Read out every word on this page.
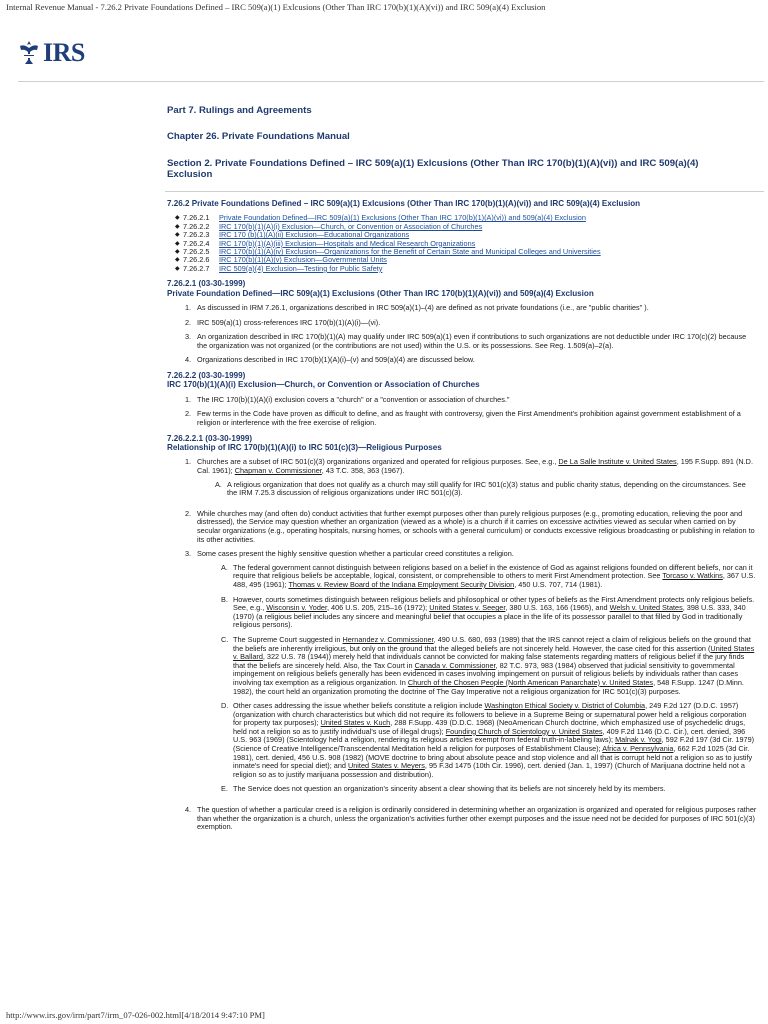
Internal Revenue Manual - 7.26.2 Private Foundations Defined – IRC 509(a)(1) Exlcusions (Other Than IRC 170(b)(1)(A)(vi)) and IRC 509(a)(4) Exclusion
IRS
Part 7. Rulings and Agreements
Chapter 26. Private Foundations Manual
Section 2. Private Foundations Defined – IRC 509(a)(1) Exlcusions (Other Than IRC 170(b)(1)(A)(vi)) and IRC 509(a)(4) Exclusion
7.26.2 Private Foundations Defined – IRC 509(a)(1) Exlcusions (Other Than IRC 170(b)(1)(A)(vi)) and IRC 509(a)(4) Exclusion
◆ 7.26.2.1	Private Foundation Defined—IRC 509(a)(1) Exclusions (Other Than IRC 170(b)(1)(A)(vi)) and 509(a)(4) Exclusion
◆ 7.26.2.2	IRC 170(b)(1)(A)(i) Exclusion—Church, or Convention or Association of Churches
◆ 7.26.2.3	IRC 170 (b)(1)(A)(ii) Exclusion—Educational Organizations
◆ 7.26.2.4	IRC 170(b)(1)(A)(iii) Exclusion—Hospitals and Medical Research Organizations
◆ 7.26.2.5	IRC 170(b)(1)(A)(iv) Exclusion—Organizations for the Benefit of Certain State and Municipal Colleges and Universities
◆ 7.26.2.6	IRC 170(b)(1)(A)(v) Exclusion—Governmental Units
◆ 7.26.2.7	IRC 509(a)(4) Exclusion—Testing for Public Safety
7.26.2.1 (03-30-1999)
Private Foundation Defined—IRC 509(a)(1) Exclusions (Other Than IRC 170(b)(1)(A)(vi)) and 509(a)(4) Exclusion
1. As discussed in IRM 7.26.1, organizations described in IRC 509(a)(1)–(4) are defined as not private foundations (i.e., are "public charities" ).
2. IRC 509(a)(1) cross-references IRC 170(b)(1)(A)(i)—(vi).
3. An organization described in IRC 170(b)(1)(A) may qualify under IRC 509(a)(1) even if contributions to such organizations are not deductible under IRC 170(c)(2) because the organization was not organized (or the contributions are not used) within the U.S. or its possessions. See Reg. 1.509(a)–2(a).
4. Organizations described in IRC 170(b)(1)(A)(i)–(v) and 509(a)(4) are discussed below.
7.26.2.2 (03-30-1999)
IRC 170(b)(1)(A)(i) Exclusion—Church, or Convention or Association of Churches
1. The IRC 170(b)(1)(A)(i) exclusion covers a "church" or a "convention or association of churches."
2. Few terms in the Code have proven as difficult to define, and as fraught with controversy, given the First Amendment's prohibition against government establishment of a religion or interference with the free exercise of religion.
7.26.2.2.1 (03-30-1999)
Relationship of IRC 170(b)(1)(A)(i) to IRC 501(c)(3)—Religious Purposes
1. Churches are a subset of IRC 501(c)(3) organizations organized and operated for religious purposes. See, e.g., De La Salle Institute v. United States, 195 F.Supp. 891 (N.D. Cal. 1961); Chapman v. Commissioner, 43 T.C. 358, 363 (1967).
A. A religious organization that does not qualify as a church may still qualify for IRC 501(c)(3) status and public charity status, depending on the circumstances. See the IRM 7.25.3 discussion of religious organizations under IRC 501(c)(3).
2. While churches may (and often do) conduct activities that further exempt purposes other than purely religious purposes (e.g., promoting education, relieving the poor and distressed), the Service may question whether an organization (viewed as a whole) is a church if it carries on excessive activities viewed as secular when carried on by secular organizations (e.g., operating hospitals, nursing homes, or schools with a general curriculum) or conducts excessive religious broadcasting or publishing in relation to its other activities.
3. Some cases present the highly sensitive question whether a particular creed constitutes a religion.
A. The federal government cannot distinguish between religions based on a belief in the existence of God as against religions founded on different beliefs, nor can it require that religious beliefs be acceptable, logical, consistent, or comprehensible to others to merit First Amendment protection. See Torcaso v. Watkins, 367 U.S. 488, 495 (1961); Thomas v. Review Board of the Indiana Employment Security Division, 450 U.S. 707, 714 (1981).
B. However, courts sometimes distinguish between religious beliefs and philosophical or other types of beliefs as the First Amendment protects only religious beliefs. See, e.g., Wisconsin v. Yoder, 406 U.S. 205, 215–16 (1972); United States v. Seeger, 380 U.S. 163, 166 (1965), and Welsh v. United States, 398 U.S. 333, 340 (1970) (a religious belief includes any sincere and meaningful belief that occupies a place in the life of its possessor parallel to that filled by God in traditionally religious persons).
C. The Supreme Court suggested in Hernandez v. Commissioner, 490 U.S. 680, 693 (1989) that the IRS cannot reject a claim of religious beliefs on the ground that the beliefs are inherently irreligious, but only on the ground that the alleged beliefs are not sincerely held. However, the case cited for this assertion (United States v. Ballard, 322 U.S. 78 (1944)) merely held that individuals cannot be convicted for making false statements regarding matters of religious belief if the jury finds that the beliefs are sincerely held. Also, the Tax Court in Canada v. Commissioner, 82 T.C. 973, 983 (1984) observed that judicial sensitivity to governmental impingement on religious beliefs generally has been evidenced in cases involving impingement on pursuit of religious beliefs by individuals rather than cases involving tax exemption as a religious organization. In Church of the Chosen People (North American Panarchate) v. United States, 548 F.Supp. 1247 (D.Minn. 1982), the court held an organization promoting the doctrine of The Gay Imperative not a religious organization for IRC 501(c)(3) purposes.
D. Other cases addressing the issue whether beliefs constitute a religion include Washington Ethical Society v. District of Columbia, 249 F.2d 127 (D.D.C. 1957) (organization with church characteristics but which did not require its followers to believe in a Supreme Being or supernatural power held a religious corporation for property tax purposes); United States v. Kuch, 288 F.Supp. 439 (D.D.C. 1968) (NeoAmerican Church doctrine, which emphasized use of psychedelic drugs, held not a religion so as to justify individual's use of illegal drugs); Founding Church of Scientology v. United States, 409 F.2d 1146 (D.C. Cir.), cert. denied, 396 U.S. 963 (1969) (Scientology held a religion, rendering its religious articles exempt from federal truth-in-labeling laws); Malnak v. Yogi, 592 F.2d 197 (3d Cir. 1979) (Science of Creative Intelligence/Transcendental Meditation held a religion for purposes of Establishment Clause); Africa v. Pennsylvania, 662 F.2d 1025 (3d Cir. 1981), cert. denied, 456 U.S. 908 (1982) (MOVE doctrine to bring about absolute peace and stop violence and all that is corrupt held not a religion so as to justify inmate's need for special diet); and United States v. Meyers, 95 F.3d 1475 (10th Cir. 1996), cert. denied (Jan. 1, 1997) (Church of Marijuana doctrine held not a religion so as to justify marijuana possession and distribution).
E. The Service does not question an organization's sincerity absent a clear showing that its beliefs are not sincerely held by its members.
4. The question of whether a particular creed is a religion is ordinarily considered in determining whether an organization is organized and operated for religious purposes rather than whether the organization is a church, unless the organization's activities further other exempt purposes and the issue need not be decided for purposes of IRC 501(c)(3) exemption.
http://www.irs.gov/irm/part7/irm_07-026-002.html[4/18/2014 9:47:10 PM]
